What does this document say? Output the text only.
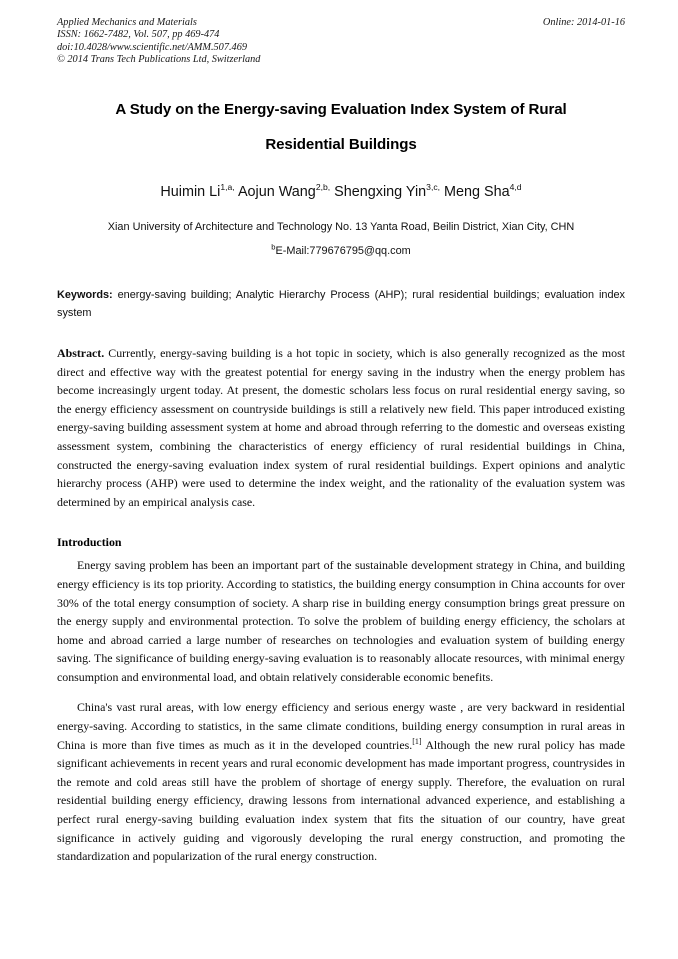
Applied Mechanics and Materials
ISSN: 1662-7482, Vol. 507, pp 469-474
doi:10.4028/www.scientific.net/AMM.507.469
© 2014 Trans Tech Publications Ltd, Switzerland
Online: 2014-01-16
A Study on the Energy-saving Evaluation Index System of Rural
Residential Buildings
Huimin $Li^{1,a,}$ Aojun Wang$^{2,b,}$ Shengxing Yin$^{3,c,}$ Meng Sha$^{4,d}$
Xian University of Architecture and Technology No. 13 Yanta Road, Beilin District, Xian City, CHN
$^b$E-Mail:779676795@qq.com
Keywords: energy-saving building; Analytic Hierarchy Process (AHP); rural residential buildings; evaluation index system
Abstract. Currently, energy-saving building is a hot topic in society, which is also generally recognized as the most direct and effective way with the greatest potential for energy saving in the industry when the energy problem has become increasingly urgent today. At present, the domestic scholars less focus on rural residential energy saving, so the energy efficiency assessment on countryside buildings is still a relatively new field. This paper introduced existing energy-saving building assessment system at home and abroad through referring to the domestic and overseas existing assessment system, combining the characteristics of energy efficiency of rural residential buildings in China, constructed the energy-saving evaluation index system of rural residential buildings. Expert opinions and analytic hierarchy process (AHP) were used to determine the index weight, and the rationality of the evaluation system was determined by an empirical analysis case.
Introduction

Energy saving problem has been an important part of the sustainable development strategy in China, and building energy efficiency is its top priority. According to statistics, the building energy consumption in China accounts for over 30% of the total energy consumption of society. A sharp rise in building energy consumption brings great pressure on the energy supply and environmental protection. To solve the problem of building energy efficiency, the scholars at home and abroad carried a large number of researches on technologies and evaluation system of building energy saving. The significance of building energy-saving evaluation is to reasonably allocate resources, with minimal energy consumption and environmental load, and obtain relatively considerable economic benefits.

China's vast rural areas, with low energy efficiency and serious energy waste , are very backward in residential energy-saving. According to statistics, in the same climate conditions, building energy consumption in rural areas in China is more than five times as much as it in the developed countries.[1] Although the new rural policy has made significant achievements in recent years and rural economic development has made important progress, countrysides in the remote and cold areas still have the problem of shortage of energy supply. Therefore, the evaluation on rural residential building energy efficiency, drawing lessons from international advanced experience, and establishing a perfect rural energy-saving building evaluation index system that fits the situation of our country, have great significance in actively guiding and vigorously developing the rural energy construction, and promoting the standardization and popularization of the rural energy construction.
